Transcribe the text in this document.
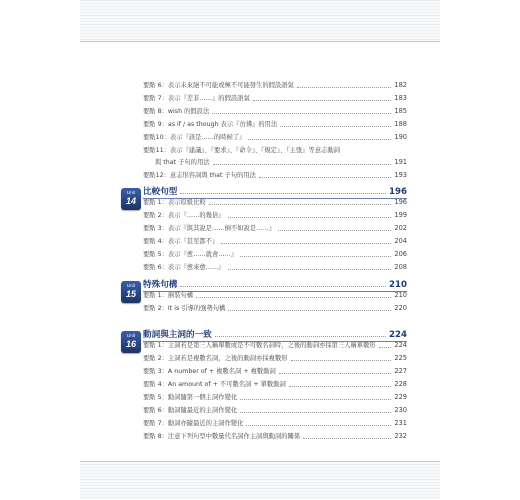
要點 6：表示未來絕不可能或極不可能發生的假設語氣	182
要點 7：表示『差非……』的假設語氣	183
要點 8：wish 的假設法	185
要點 9：as if / as though 表示『彷彿』的用法	188
要點10：表示『該是……的時候了』	190
要點11：表示『建議』、『要求』、『命令』、『規定』、『主張』等意志動詞
與 that 子句的用法	191
要點12：意志形容詞與 that 子句的用法	193
Unit
14
比較句型	196
要點 1：表示原級比較	196
要點 2：表示『……的幾倍』	199
要點 3：表示『與其說是……倒不如說是……』	202
要點 4：表示『甚至都不』	204
要點 5：表示『愈……就會……』	206
要點 6：表示『愈來愈……』	208
Unit
15
特殊句構	210
要點 1：倒裝句構	210
要點 2：It is 引導的強勢句構	220
Unit
16
動詞與主詞的一致	224
要點 1：主詞若是第三人稱單數或是不可數名詞時，之後的動詞亦採第三人稱單數形	224
要點 2：主詞若是複數名詞，之後的動詞亦採複數形	225
要點 3：A number of + 複數名詞 + 複數動詞	227
要點 4：An amount of + 不可數名詞 + 單數動詞	228
要點 5：動詞隨第一個主詞作變化	229
要點 6：動詞隨最近的主詞作變化	230
要點 7：動詞亦隨最近的主詞作變化	231
要點 8：注意下列句型中數量代名詞作主詞與動詞的關係	232
